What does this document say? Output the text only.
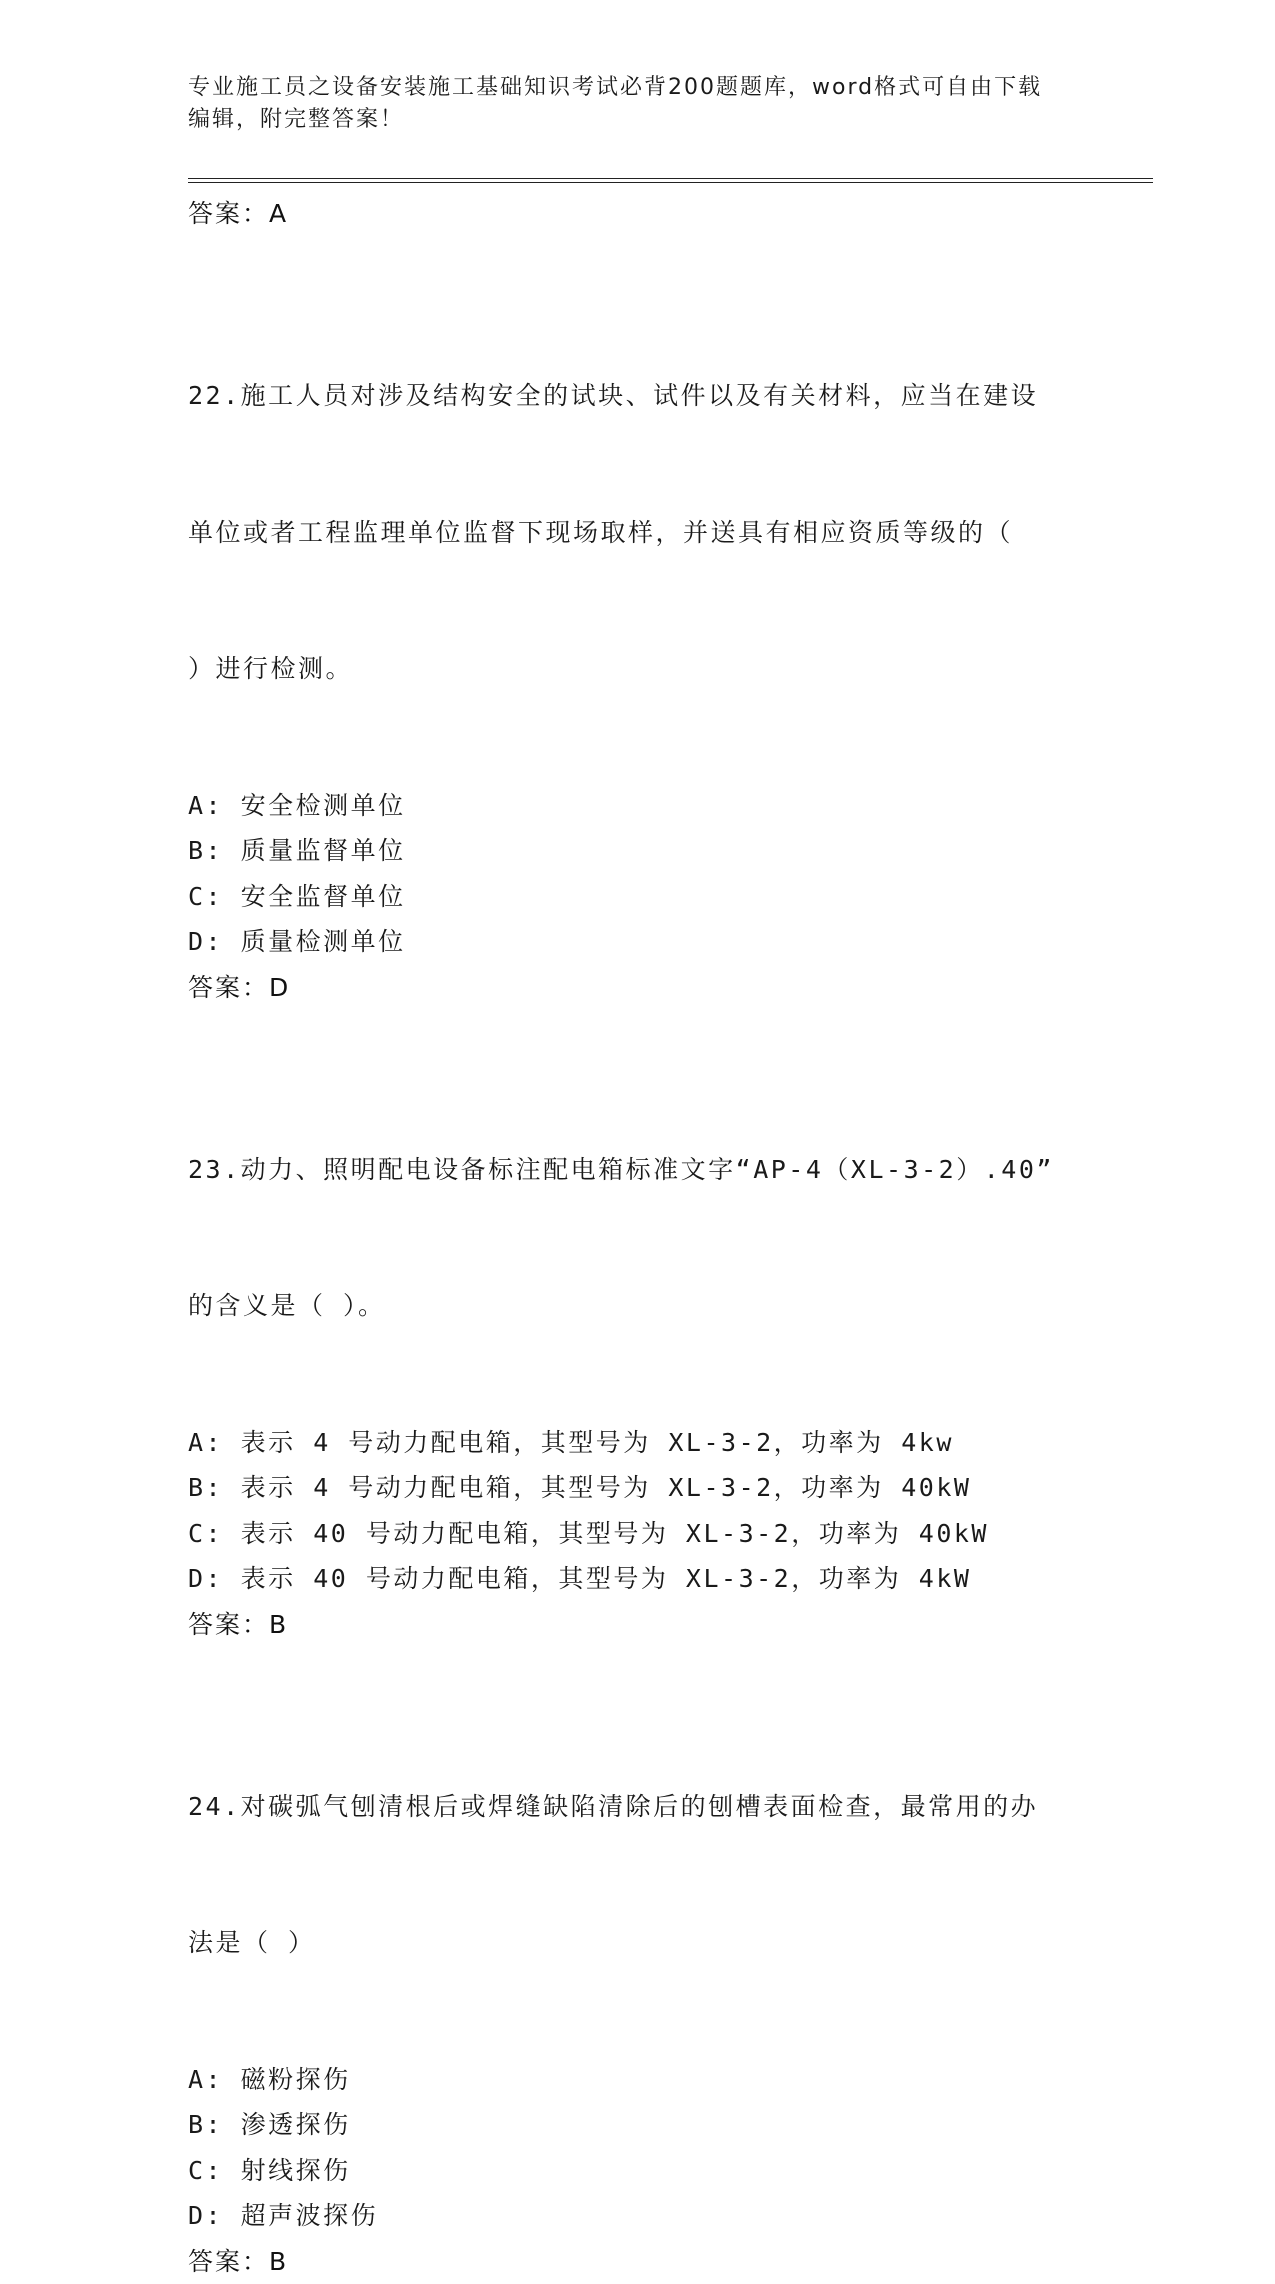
专业施工员之设备安装施工基础知识考试必背200题题库，word格式可自由下载
编辑，附完整答案！
答案：A

22.施工人员对涉及结构安全的试块、试件以及有关材料，应当在建设

单位或者工程监理单位监督下现场取样，并送具有相应资质等级的（

）进行检测。

A: 安全检测单位
B: 质量监督单位
C: 安全监督单位
D: 质量检测单位
答案：D

23.动力、照明配电设备标注配电箱标准文字“AP-4（XL-3-2）.40”

的含义是（ ）。

A: 表示 4 号动力配电箱，其型号为 XL-3-2，功率为 4kw
B: 表示 4 号动力配电箱，其型号为 XL-3-2，功率为 40kW
C: 表示 40 号动力配电箱，其型号为 XL-3-2，功率为 40kW
D: 表示 40 号动力配电箱，其型号为 XL-3-2，功率为 4kW
答案：B

24.对碳弧气刨清根后或焊缝缺陷清除后的刨槽表面检查，最常用的办

法是（ ）

A: 磁粉探伤
B: 渗透探伤
C: 射线探伤
D: 超声波探伤
答案：B
